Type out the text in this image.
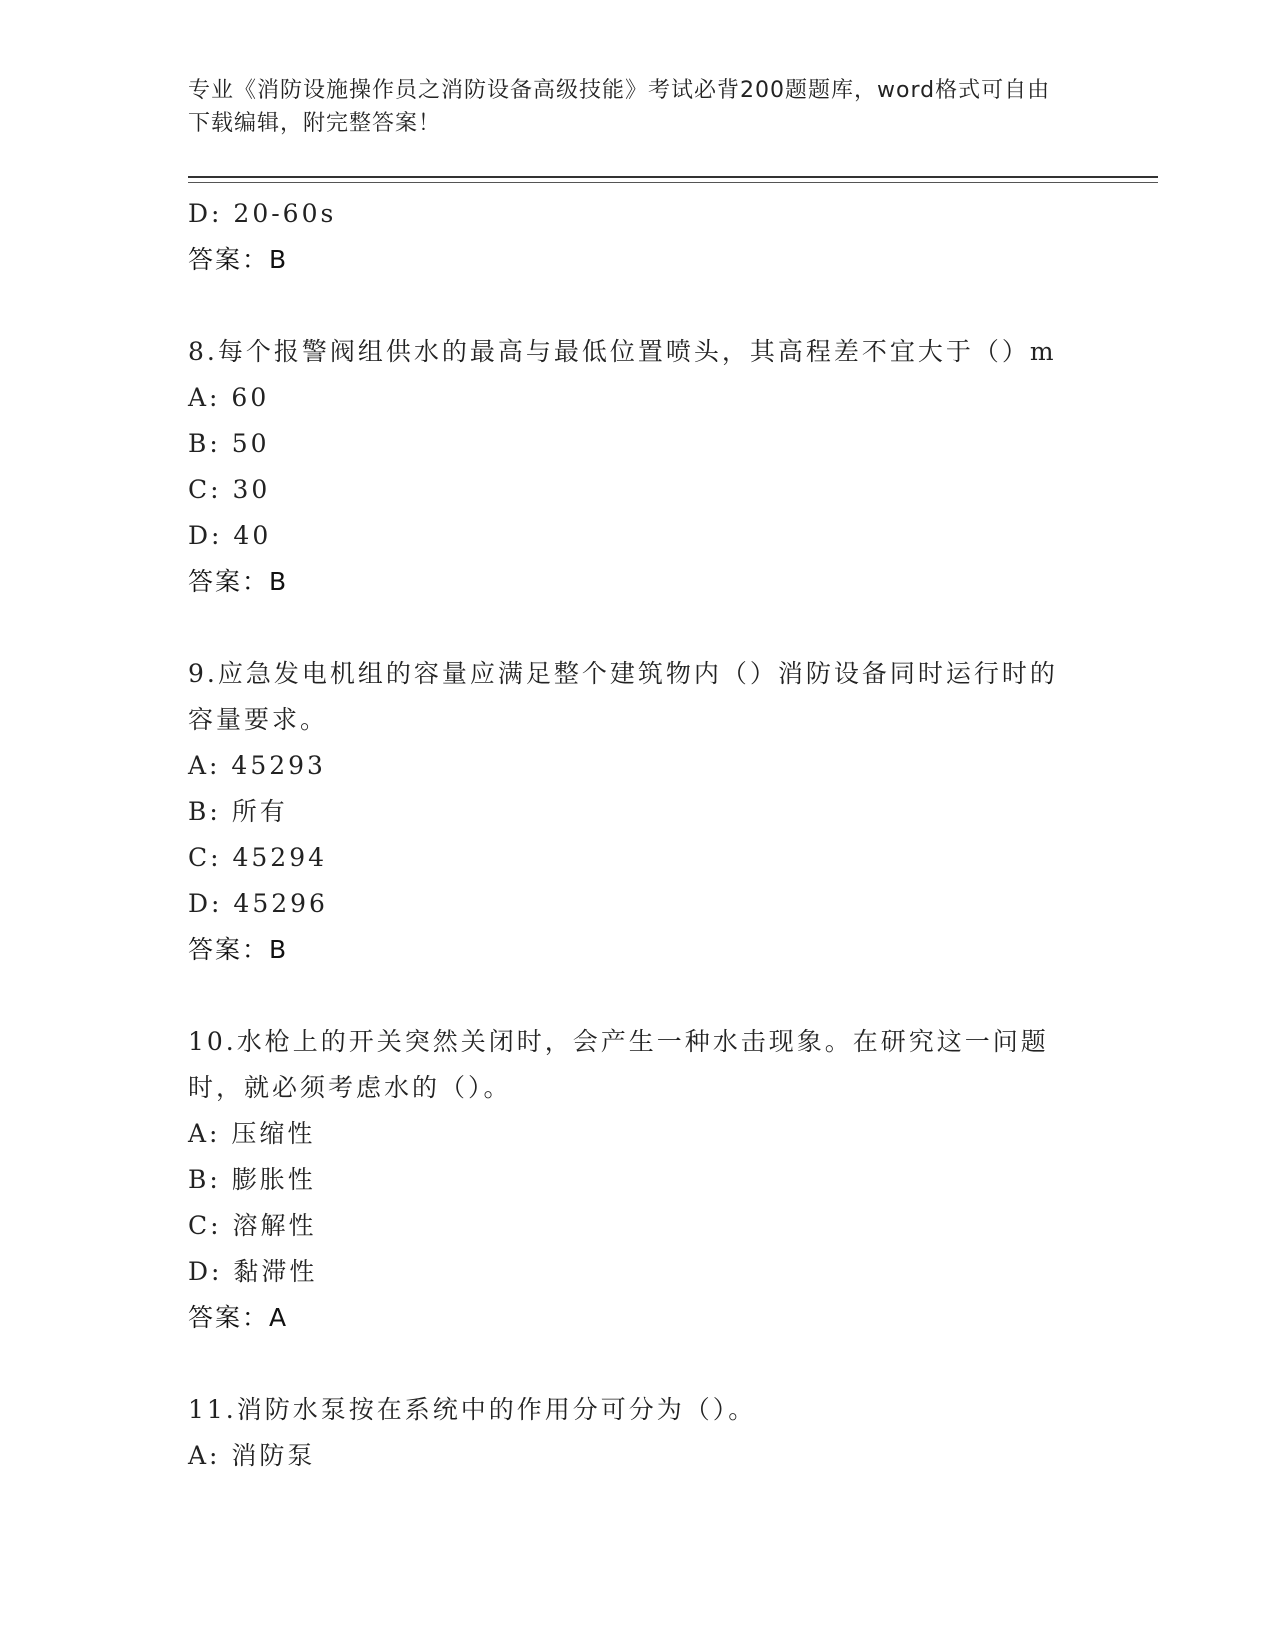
专业《消防设施操作员之消防设备高级技能》考试必背200题题库，word格式可自由下载编辑，附完整答案！
D: 20-60s
答案：B
8.每个报警阀组供水的最高与最低位置喷头，其高程差不宜大于（）m
A: 60
B: 50
C: 30
D: 40
答案：B
9.应急发电机组的容量应满足整个建筑物内（）消防设备同时运行时的容量要求。
A: 45293
B: 所有
C: 45294
D: 45296
答案：B
10.水枪上的开关突然关闭时，会产生一种水击现象。在研究这一问题时，就必须考虑水的（）。
A: 压缩性
B: 膨胀性
C: 溶解性
D: 黏滞性
答案：A
11.消防水泵按在系统中的作用分可分为（）。
A: 消防泵
